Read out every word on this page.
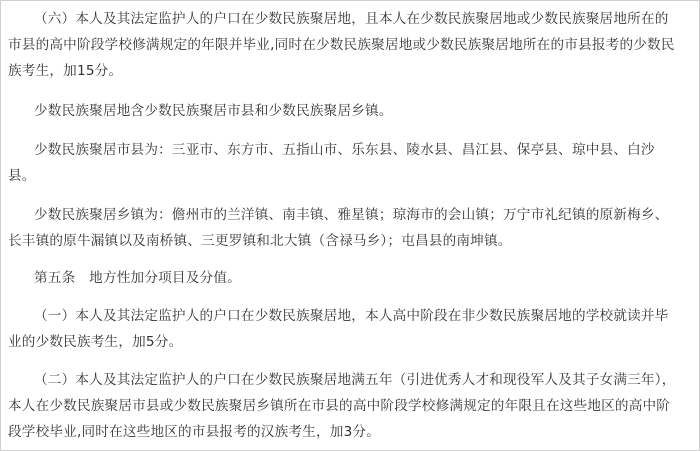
（六）本人及其法定监护人的户口在少数民族聚居地，且本人在少数民族聚居地或少数民族聚居地所在的
市县的高中阶段学校修满规定的年限并毕业,同时在少数民族聚居地或少数民族聚居地所在的市县报考的少数民
族考生，加15分。

少数民族聚居地含少数民族聚居市县和少数民族聚居乡镇。

少数民族聚居市县为：三亚市、东方市、五指山市、乐东县、陵水县、昌江县、保亭县、琼中县、白沙
县。

少数民族聚居乡镇为：儋州市的兰洋镇、南丰镇、雅星镇；琼海市的会山镇；万宁市礼纪镇的原新梅乡、
长丰镇的原牛漏镇以及南桥镇、三更罗镇和北大镇（含禄马乡）；屯昌县的南坤镇。

第五条　地方性加分项目及分值。

（一）本人及其法定监护人的户口在少数民族聚居地，本人高中阶段在非少数民族聚居地的学校就读并毕
业的少数民族考生，加5分。

（二）本人及其法定监护人的户口在少数民族聚居地满五年（引进优秀人才和现役军人及其子女满三年），
本人在少数民族聚居市县或少数民族聚居乡镇所在市县的高中阶段学校修满规定的年限且在这些地区的高中阶
段学校毕业,同时在这些地区的市县报考的汉族考生，加3分。
